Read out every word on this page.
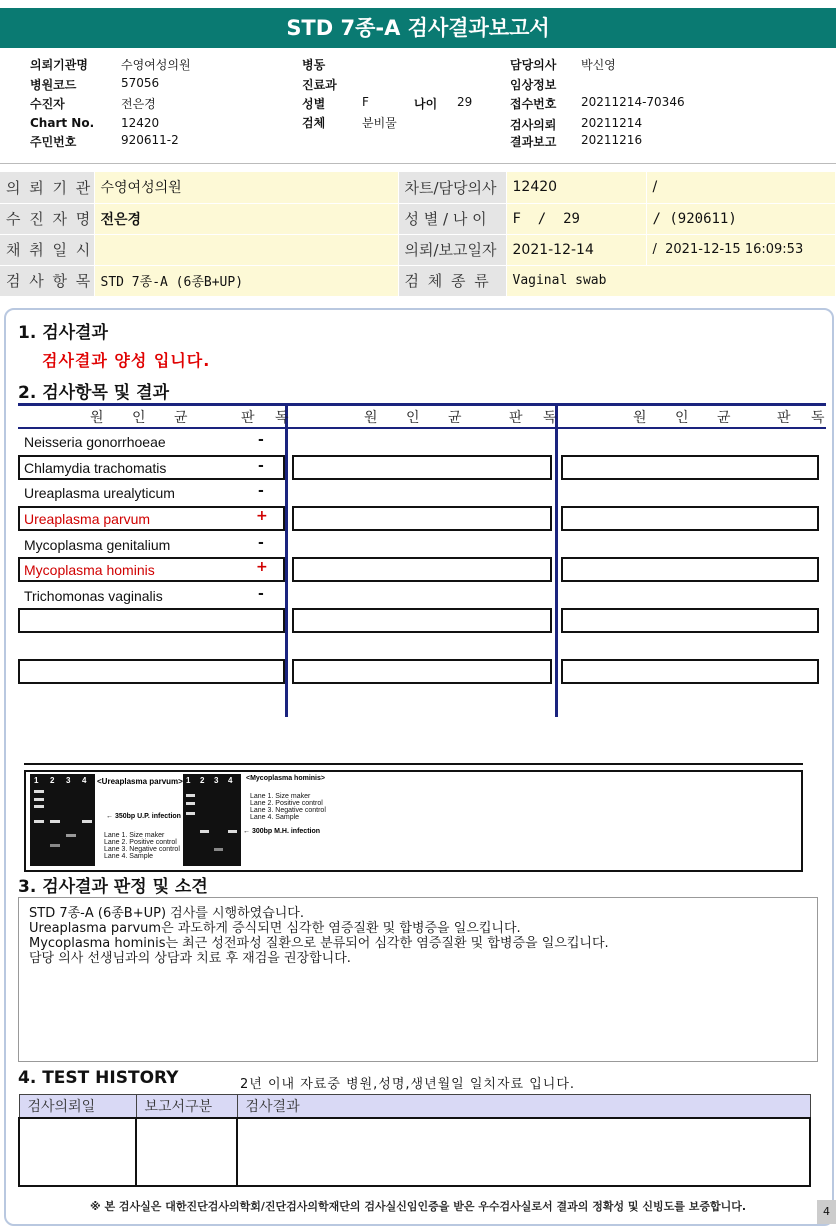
STD 7종-A 검사결과보고서
의뢰기관명	수영여성의원
병원코드	57056
수진자	전은경
Chart No. 12420
주민번호	920611-2
병동
진료과
성별	F	나이 29
검체	분비물
담당의사 박신영
임상정보
접수번호 20211214-70346
검사의뢰 20211214
결과보고 20211216
의 뢰 기 관	수영여성의원	차트/담당의사	12420	/
수 진 자 명	전은경	성 별 / 나 이	F  /  29	/ (920611)
채 취 일 시		의뢰/보고일자	2021-12-14	/  2021-12-15 16:09:53
검 사 항 목	STD 7종-A (6종B+UP)	검 체 종 류	Vaginal swab	
1. 검사결과
검사결과 양성 입니다.
2. 검사항목 및 결과
원 인 균	판 독	원 인 균	판 독	원 인 균 판 독
Neisseria gonorrhoeae	-
Chlamydia trachomatis	-
Ureaplasma urealyticum	-
Ureaplasma parvum	+
Mycoplasma genitalium	-
Mycoplasma hominis	+
Trichomonas vaginalis	-
1 2 3 4 <Ureaplasma parvum>
← 350bp U.P. infection
Lane 1. Size maker
Lane 2. Positive control
Lane 3. Negative control
Lane 4. Sample
1 2 3 4 <Mycoplasma hominis>
Lane 1. Size maker
Lane 2. Positive control
Lane 3. Negative control
Lane 4. Sample
← 300bp M.H. infection
3. 검사결과 판정 및 소견
STD 7종-A (6종B+UP) 검사를 시행하였습니다.
Ureaplasma parvum은 과도하게 증식되면 심각한 염증질환 및 합병증을 일으킵니다.
Mycoplasma hominis는 최근 성전파성 질환으로 분류되어 심각한 염증질환 및 합병증을 일으킵니다.
담당 의사 선생님과의 상담과 치료 후 재검을 권장합니다.
4. TEST HISTORY	2년 이내 자료중 병원,성명,생년월일 일치자료 입니다.
검사의뢰일	보고서구분	검사결과

※ 본 검사실은 대한진단검사의학회/진단검사의학재단의 검사실신임인증을 받은 우수검사실로서 결과의 정확성 및 신빙도를 보증합니다.	4
